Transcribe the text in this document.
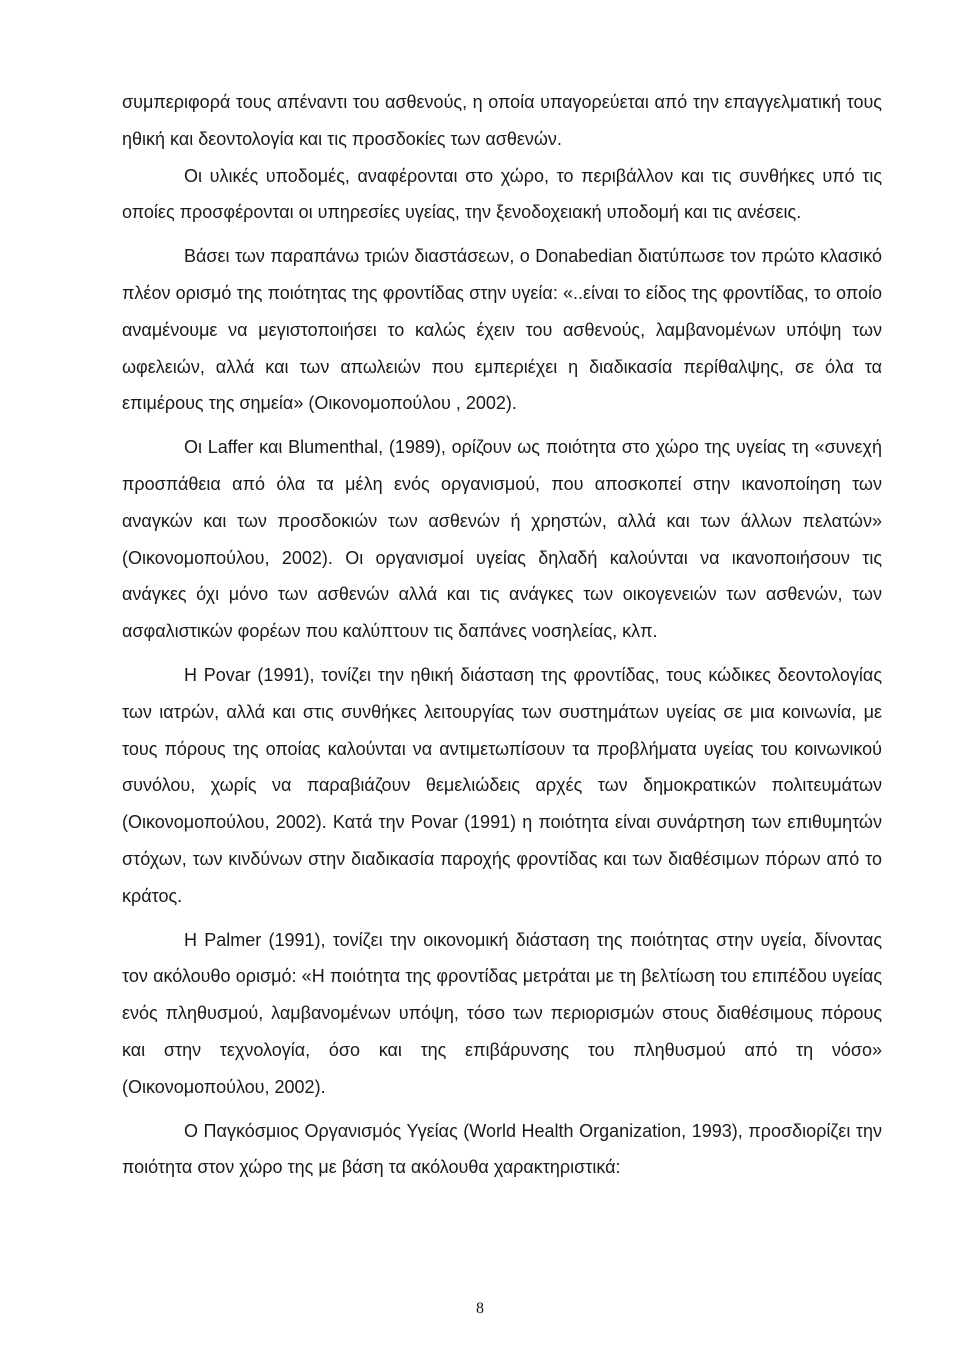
συμπεριφορά τους απέναντι του ασθενούς, η οποία υπαγορεύεται από την επαγγελματική τους ηθική και δεοντολογία και τις προσδοκίες των ασθενών.

Οι υλικές υποδομές, αναφέρονται στο χώρο, το περιβάλλον και τις συνθήκες υπό τις οποίες προσφέρονται οι υπηρεσίες υγείας, την ξενοδοχειακή υποδομή και τις ανέσεις.

Βάσει των παραπάνω τριών διαστάσεων, ο Donabedian διατύπωσε τον πρώτο κλασικό πλέον ορισμό της ποιότητας της φροντίδας στην υγεία: «..είναι το είδος της φροντίδας, το οποίο αναμένουμε να μεγιστοποιήσει το καλώς έχειν του ασθενούς, λαμβανομένων υπόψη των ωφελειών, αλλά και των απωλειών που εμπεριέχει η διαδικασία περίθαλψης, σε όλα τα επιμέρους της σημεία» (Οικονομοπούλου , 2002).

Οι Laffer και Blumenthal, (1989), ορίζουν ως ποιότητα στο χώρο της υγείας τη «συνεχή προσπάθεια από όλα τα μέλη ενός οργανισμού, που αποσκοπεί στην ικανοποίηση των αναγκών και των προσδοκιών των ασθενών ή χρηστών, αλλά και των άλλων πελατών» (Οικονομοπούλου, 2002). Οι οργανισμοί υγείας δηλαδή καλούνται να ικανοποιήσουν τις ανάγκες όχι μόνο των ασθενών αλλά και τις ανάγκες των οικογενειών των ασθενών, των ασφαλιστικών φορέων που καλύπτουν τις δαπάνες νοσηλείας, κλπ.

Η Povar (1991), τονίζει την ηθική διάσταση της φροντίδας, τους κώδικες δεοντολογίας των ιατρών, αλλά και στις συνθήκες λειτουργίας των συστημάτων υγείας σε μια κοινωνία, με τους πόρους της οποίας καλούνται να αντιμετωπίσουν τα προβλήματα υγείας του κοινωνικού συνόλου, χωρίς να παραβιάζουν θεμελιώδεις αρχές των δημοκρατικών πολιτευμάτων (Οικονομοπούλου, 2002). Κατά την Povar (1991) η ποιότητα είναι συνάρτηση των επιθυμητών στόχων, των κινδύνων στην διαδικασία παροχής φροντίδας και των διαθέσιμων πόρων από το κράτος.

Η Palmer (1991), τονίζει την οικονομική διάσταση της ποιότητας στην υγεία, δίνοντας τον ακόλουθο ορισμό: «Η ποιότητα της φροντίδας μετράται με τη βελτίωση του επιπέδου υγείας ενός πληθυσμού, λαμβανομένων υπόψη, τόσο των περιορισμών στους διαθέσιμους πόρους και στην τεχνολογία, όσο και της επιβάρυνσης του πληθυσμού από τη νόσο» (Οικονομοπούλου, 2002).

Ο Παγκόσμιος Οργανισμός Υγείας (World Health Organization, 1993), προσδιορίζει την ποιότητα στον χώρο της με βάση τα ακόλουθα χαρακτηριστικά:

8
